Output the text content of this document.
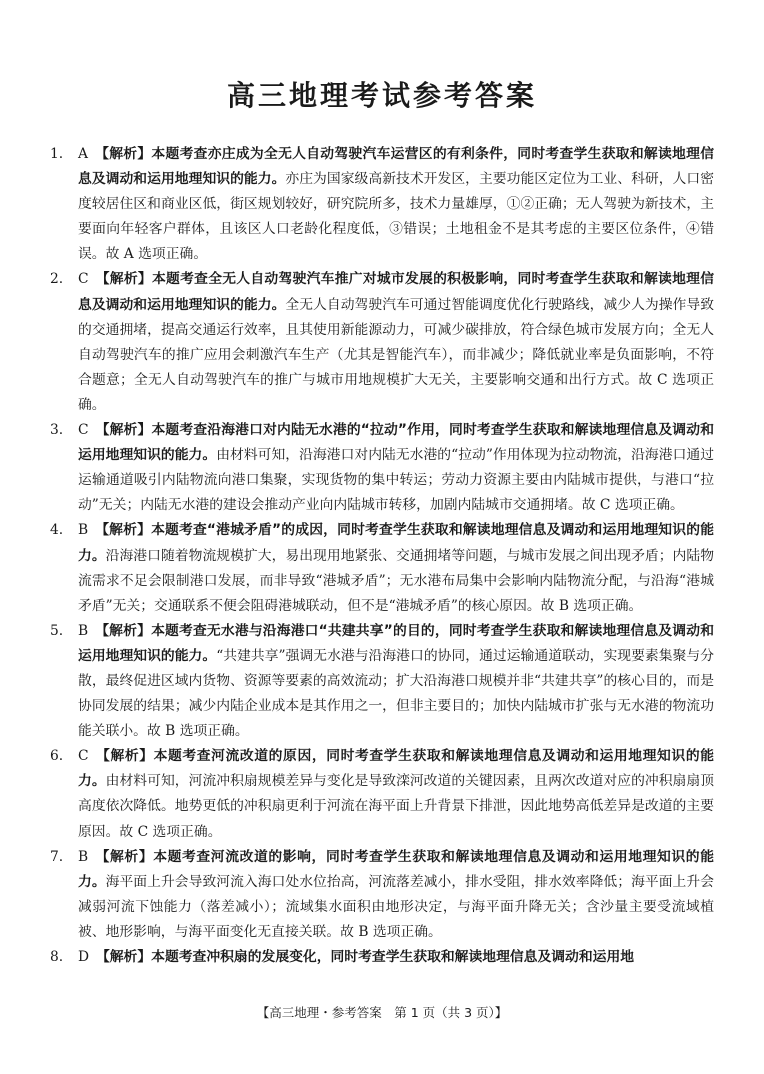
高三地理考试参考答案

1.	A  【解析】本题考查亦庄成为全无人自动驾驶汽车运营区的有利条件，同时考查学生获取和解读地理信息及调动和运用地理知识的能力。亦庄为国家级高新技术开发区，主要功能区定位为工业、科研，人口密度较居住区和商业区低，街区规划较好，研究院所多，技术力量雄厚，①②正确；无人驾驶为新技术，主要面向年轻客户群体，且该区人口老龄化程度低，③错误；土地租金不是其考虑的主要区位条件，④错误。故 A 选项正确。

2.	C  【解析】本题考查全无人自动驾驶汽车推广对城市发展的积极影响，同时考查学生获取和解读地理信息及调动和运用地理知识的能力。全无人自动驾驶汽车可通过智能调度优化行驶路线，减少人为操作导致的交通拥堵，提高交通运行效率，且其使用新能源动力，可减少碳排放，符合绿色城市发展方向；全无人自动驾驶汽车的推广应用会刺激汽车生产（尤其是智能汽车），而非减少；降低就业率是负面影响，不符合题意；全无人自动驾驶汽车的推广与城市用地规模扩大无关，主要影响交通和出行方式。故 C 选项正确。

3.	C  【解析】本题考查沿海港口对内陆无水港的“拉动”作用，同时考查学生获取和解读地理信息及调动和运用地理知识的能力。由材料可知，沿海港口对内陆无水港的“拉动”作用体现为拉动物流，沿海港口通过运输通道吸引内陆物流向港口集聚，实现货物的集中转运；劳动力资源主要由内陆城市提供，与港口“拉动”无关；内陆无水港的建设会推动产业向内陆城市转移，加剧内陆城市交通拥堵。故 C 选项正确。

4.	B  【解析】本题考查“港城矛盾”的成因，同时考查学生获取和解读地理信息及调动和运用地理知识的能力。沿海港口随着物流规模扩大，易出现用地紧张、交通拥堵等问题，与城市发展之间出现矛盾；内陆物流需求不足会限制港口发展，而非导致“港城矛盾”；无水港布局集中会影响内陆物流分配，与沿海“港城矛盾”无关；交通联系不便会阻碍港城联动，但不是“港城矛盾”的核心原因。故 B 选项正确。

5.	B  【解析】本题考查无水港与沿海港口“共建共享”的目的，同时考查学生获取和解读地理信息及调动和运用地理知识的能力。“共建共享”强调无水港与沿海港口的协同，通过运输通道联动，实现要素集聚与分散，最终促进区域内货物、资源等要素的高效流动；扩大沿海港口规模并非“共建共享”的核心目的，而是协同发展的结果；减少内陆企业成本是其作用之一，但非主要目的；加快内陆城市扩张与无水港的物流功能关联小。故 B 选项正确。

6.	C  【解析】本题考查河流改道的原因，同时考查学生获取和解读地理信息及调动和运用地理知识的能力。由材料可知，河流冲积扇规模差异与变化是导致滦河改道的关键因素，且两次改道对应的冲积扇扇顶高度依次降低。地势更低的冲积扇更利于河流在海平面上升背景下排泄，因此地势高低差异是改道的主要原因。故 C 选项正确。

7.	B  【解析】本题考查河流改道的影响，同时考查学生获取和解读地理信息及调动和运用地理知识的能力。海平面上升会导致河流入海口处水位抬高，河流落差减小，排水受阻，排水效率降低；海平面上升会减弱河流下蚀能力（落差减小）；流域集水面积由地形决定，与海平面升降无关；含沙量主要受流域植被、地形影响，与海平面变化无直接关联。故 B 选项正确。

8.	D  【解析】本题考查冲积扇的发展变化，同时考查学生获取和解读地理信息及调动和运用地

【高三地理・参考答案　第 1 页（共 3 页）】
